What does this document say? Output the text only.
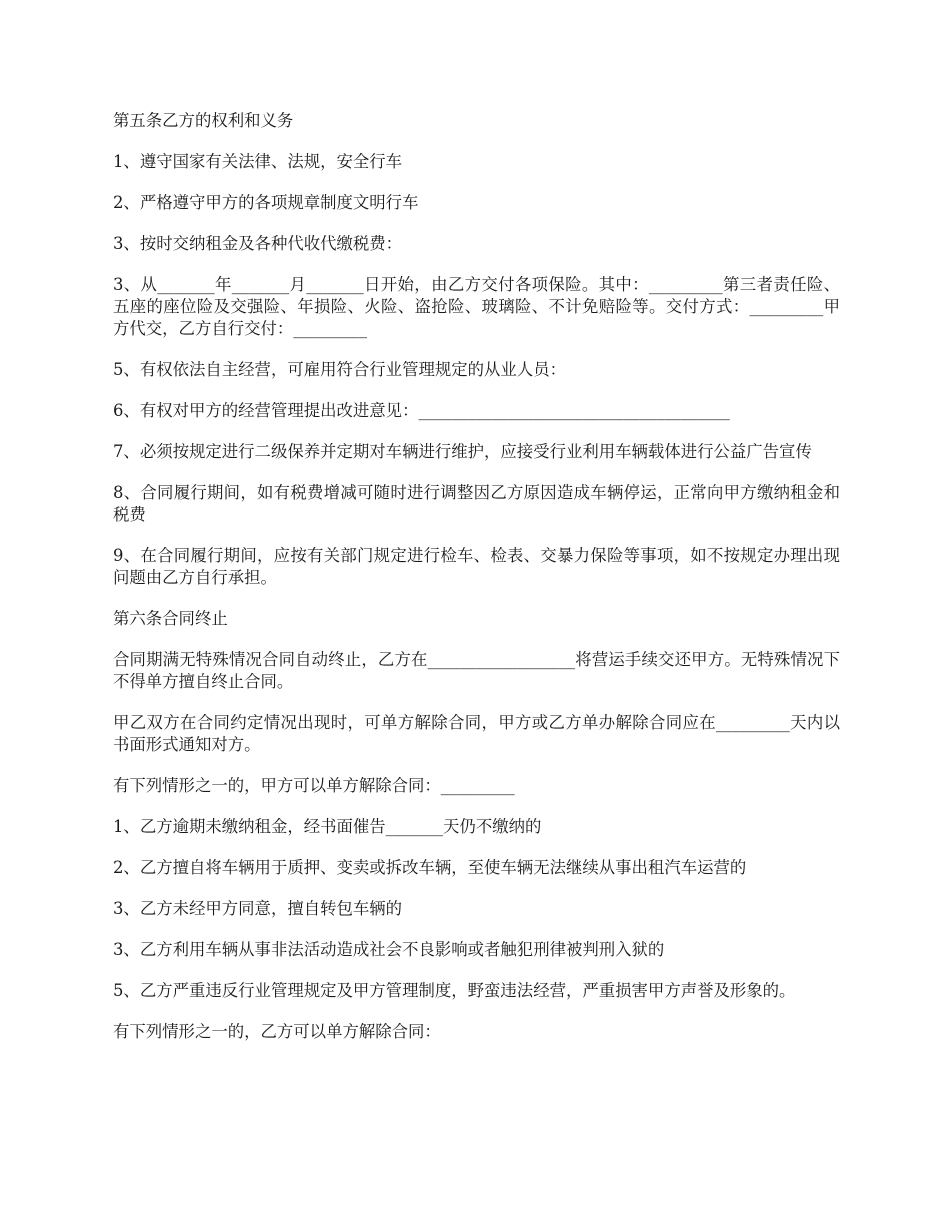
第五条乙方的权利和义务

1、遵守国家有关法律、法规，安全行车

2、严格遵守甲方的各项规章制度文明行车

3、按时交纳租金及各种代收代缴税费：

3、从_______年_______月_______日开始，由乙方交付各项保险。其中：_________第三者责任险、五座的座位险及交强险、年损险、火险、盗抢险、玻璃险、不计免赔险等。交付方式：_________甲方代交，乙方自行交付：_________

5、有权依法自主经营，可雇用符合行业管理规定的从业人员：

6、有权对甲方的经营管理提出改进意见：______________________________________

7、必须按规定进行二级保养并定期对车辆进行维护，应接受行业利用车辆载体进行公益广告宣传

8、合同履行期间，如有税费增减可随时进行调整因乙方原因造成车辆停运，正常向甲方缴纳租金和税费

9、在合同履行期间，应按有关部门规定进行检车、检表、交暴力保险等事项，如不按规定办理出现问题由乙方自行承担。

第六条合同终止

合同期满无特殊情况合同自动终止，乙方在__________________将营运手续交还甲方。无特殊情况下不得单方擅自终止合同。

甲乙双方在合同约定情况出现时，可单方解除合同，甲方或乙方单办解除合同应在_________天内以书面形式通知对方。

有下列情形之一的，甲方可以单方解除合同：_________

1、乙方逾期未缴纳租金，经书面催告_______天仍不缴纳的

2、乙方擅自将车辆用于质押、变卖或拆改车辆，至使车辆无法继续从事出租汽车运营的

3、乙方未经甲方同意，擅自转包车辆的

3、乙方利用车辆从事非法活动造成社会不良影响或者触犯刑律被判刑入狱的

5、乙方严重违反行业管理规定及甲方管理制度，野蛮违法经营，严重损害甲方声誉及形象的。

有下列情形之一的，乙方可以单方解除合同：
